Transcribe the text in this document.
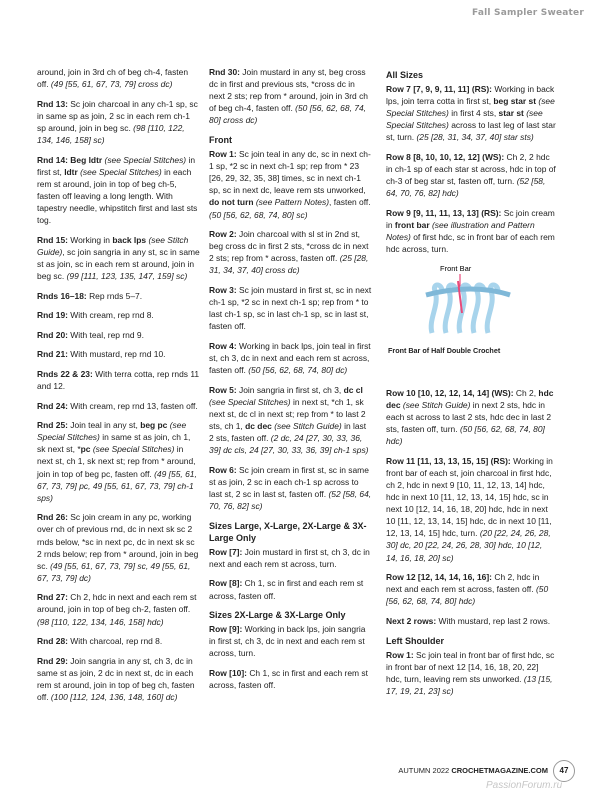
Fall Sampler Sweater
around, join in 3rd ch of beg ch-4, fasten off. (49 [55, 61, 67, 73, 79] cross dc)
Rnd 13: Sc join charcoal in any ch-1 sp, sc in same sp as join, 2 sc in each rem ch-1 sp around, join in beg sc. (98 [110, 122, 134, 146, 158] sc)
Rnd 14: Beg ldtr (see Special Stitches) in first st, ldtr (see Special Stitches) in each rem st around, join in top of beg ch-5, fasten off leaving a long length. With tapestry needle, whipstitch first and last sts tog.
Rnd 15: Working in back lps (see Stitch Guide), sc join sangria in any st, sc in same st as join, sc in each rem st around, join in beg sc. (99 [111, 123, 135, 147, 159] sc)
Rnds 16–18: Rep rnds 5–7.
Rnd 19: With cream, rep rnd 8.
Rnd 20: With teal, rep rnd 9.
Rnd 21: With mustard, rep rnd 10.
Rnds 22 & 23: With terra cotta, rep rnds 11 and 12.
Rnd 24: With cream, rep rnd 13, fasten off.
Rnd 25: Join teal in any st, beg pc (see Special Stitches) in same st as join, ch 1, sk next st, *pc (see Special Stitches) in next st, ch 1, sk next st; rep from * around, join in top of beg pc, fasten off. (49 [55, 61, 67, 73, 79] pc, 49 [55, 61, 67, 73, 79] ch-1 sps)
Rnd 26: Sc join cream in any pc, working over ch of previous rnd, dc in next sk sc 2 rnds below, *sc in next pc, dc in next sk sc 2 rnds below; rep from * around, join in beg sc. (49 [55, 61, 67, 73, 79] sc, 49 [55, 61, 67, 73, 79] dc)
Rnd 27: Ch 2, hdc in next and each rem st around, join in top of beg ch-2, fasten off. (98 [110, 122, 134, 146, 158] hdc)
Rnd 28: With charcoal, rep rnd 8.
Rnd 29: Join sangria in any st, ch 3, dc in same st as join, 2 dc in next st, dc in each rem st around, join in top of beg ch, fasten off. (100 [112, 124, 136, 148, 160] dc)
Rnd 30: Join mustard in any st, beg cross dc in first and previous sts, *cross dc in next 2 sts; rep from * around, join in 3rd ch of beg ch-4, fasten off. (50 [56, 62, 68, 74, 80] cross dc)
Front
Row 1: Sc join teal in any dc, sc in next ch-1 sp, *2 sc in next ch-1 sp; rep from * 23 [26, 29, 32, 35, 38] times, sc in next ch-1 sp, sc in next dc, leave rem sts unworked, do not turn (see Pattern Notes), fasten off. (50 [56, 62, 68, 74, 80] sc)
Row 2: Join charcoal with sl st in 2nd st, beg cross dc in first 2 sts, *cross dc in next 2 sts; rep from * across, fasten off. (25 [28, 31, 34, 37, 40] cross dc)
Row 3: Sc join mustard in first st, sc in next ch-1 sp, *2 sc in next ch-1 sp; rep from * to last ch-1 sp, sc in last ch-1 sp, sc in last st, fasten off.
Row 4: Working in back lps, join teal in first st, ch 3, dc in next and each rem st across, fasten off. (50 [56, 62, 68, 74, 80] dc)
Row 5: Join sangria in first st, ch 3, dc cl (see Special Stitches) in next st, *ch 1, sk next st, dc cl in next st; rep from * to last 2 sts, ch 1, dc dec (see Stitch Guide) in last 2 sts, fasten off. (2 dc, 24 [27, 30, 33, 36, 39] dc cls, 24 [27, 30, 33, 36, 39] ch-1 sps)
Row 6: Sc join cream in first st, sc in same st as join, 2 sc in each ch-1 sp across to last st, 2 sc in last st, fasten off. (52 [58, 64, 70, 76, 82] sc)
Sizes Large, X-Large, 2X-Large & 3X-Large Only
Row [7]: Join mustard in first st, ch 3, dc in next and each rem st across, turn.
Row [8]: Ch 1, sc in first and each rem st across, fasten off.
Sizes 2X-Large & 3X-Large Only
Row [9]: Working in back lps, join sangria in first st, ch 3, dc in next and each rem st across, turn.
Row [10]: Ch 1, sc in first and each rem st across, fasten off.
All Sizes
Row 7 [7, 9, 9, 11, 11] (RS): Working in back lps, join terra cotta in first st, beg star st (see Special Stitches) in first 4 sts, star st (see Special Stitches) across to last leg of last star st, turn. (25 [28, 31, 34, 37, 40] star sts)
Row 8 [8, 10, 10, 12, 12] (WS): Ch 2, 2 hdc in ch-1 sp of each star st across, hdc in top of ch-3 of beg star st, fasten off, turn. (52 [58, 64, 70, 76, 82] hdc)
Row 9 [9, 11, 11, 13, 13] (RS): Sc join cream in front bar (see illustration and Pattern Notes) of first hdc, sc in front bar of each rem hdc across, turn.
Front Bar
Front Bar of Half Double Crochet
Row 10 [10, 12, 12, 14, 14] (WS): Ch 2, hdc dec (see Stitch Guide) in next 2 sts, hdc in each st across to last 2 sts, hdc dec in last 2 sts, fasten off, turn. (50 [56, 62, 68, 74, 80] hdc)
Row 11 [11, 13, 13, 15, 15] (RS): Working in front bar of each st, join charcoal in first hdc, ch 2, hdc in next 9 [10, 11, 12, 13, 14] hdc, hdc in next 10 [11, 12, 13, 14, 15] hdc, sc in next 10 [12, 14, 16, 18, 20] hdc, hdc in next 10 [11, 12, 13, 14, 15] hdc, dc in next 10 [11, 12, 13, 14, 15] hdc, turn. (20 [22, 24, 26, 28, 30] dc, 20 [22, 24, 26, 28, 30] hdc, 10 [12, 14, 16, 18, 20] sc)
Row 12 [12, 14, 14, 16, 16]: Ch 2, hdc in next and each rem st across, fasten off. (50 [56, 62, 68, 74, 80] hdc)
Next 2 rows: With mustard, rep last 2 rows.
Left Shoulder
Row 1: Sc join teal in front bar of first hdc, sc in front bar of next 12 [14, 16, 18, 20, 22] hdc, turn, leaving rem sts unworked. (13 [15, 17, 19, 21, 23] sc)
AUTUMN 2022 CROCHETMAGAZINE.COM	47
PassionForum.ru
